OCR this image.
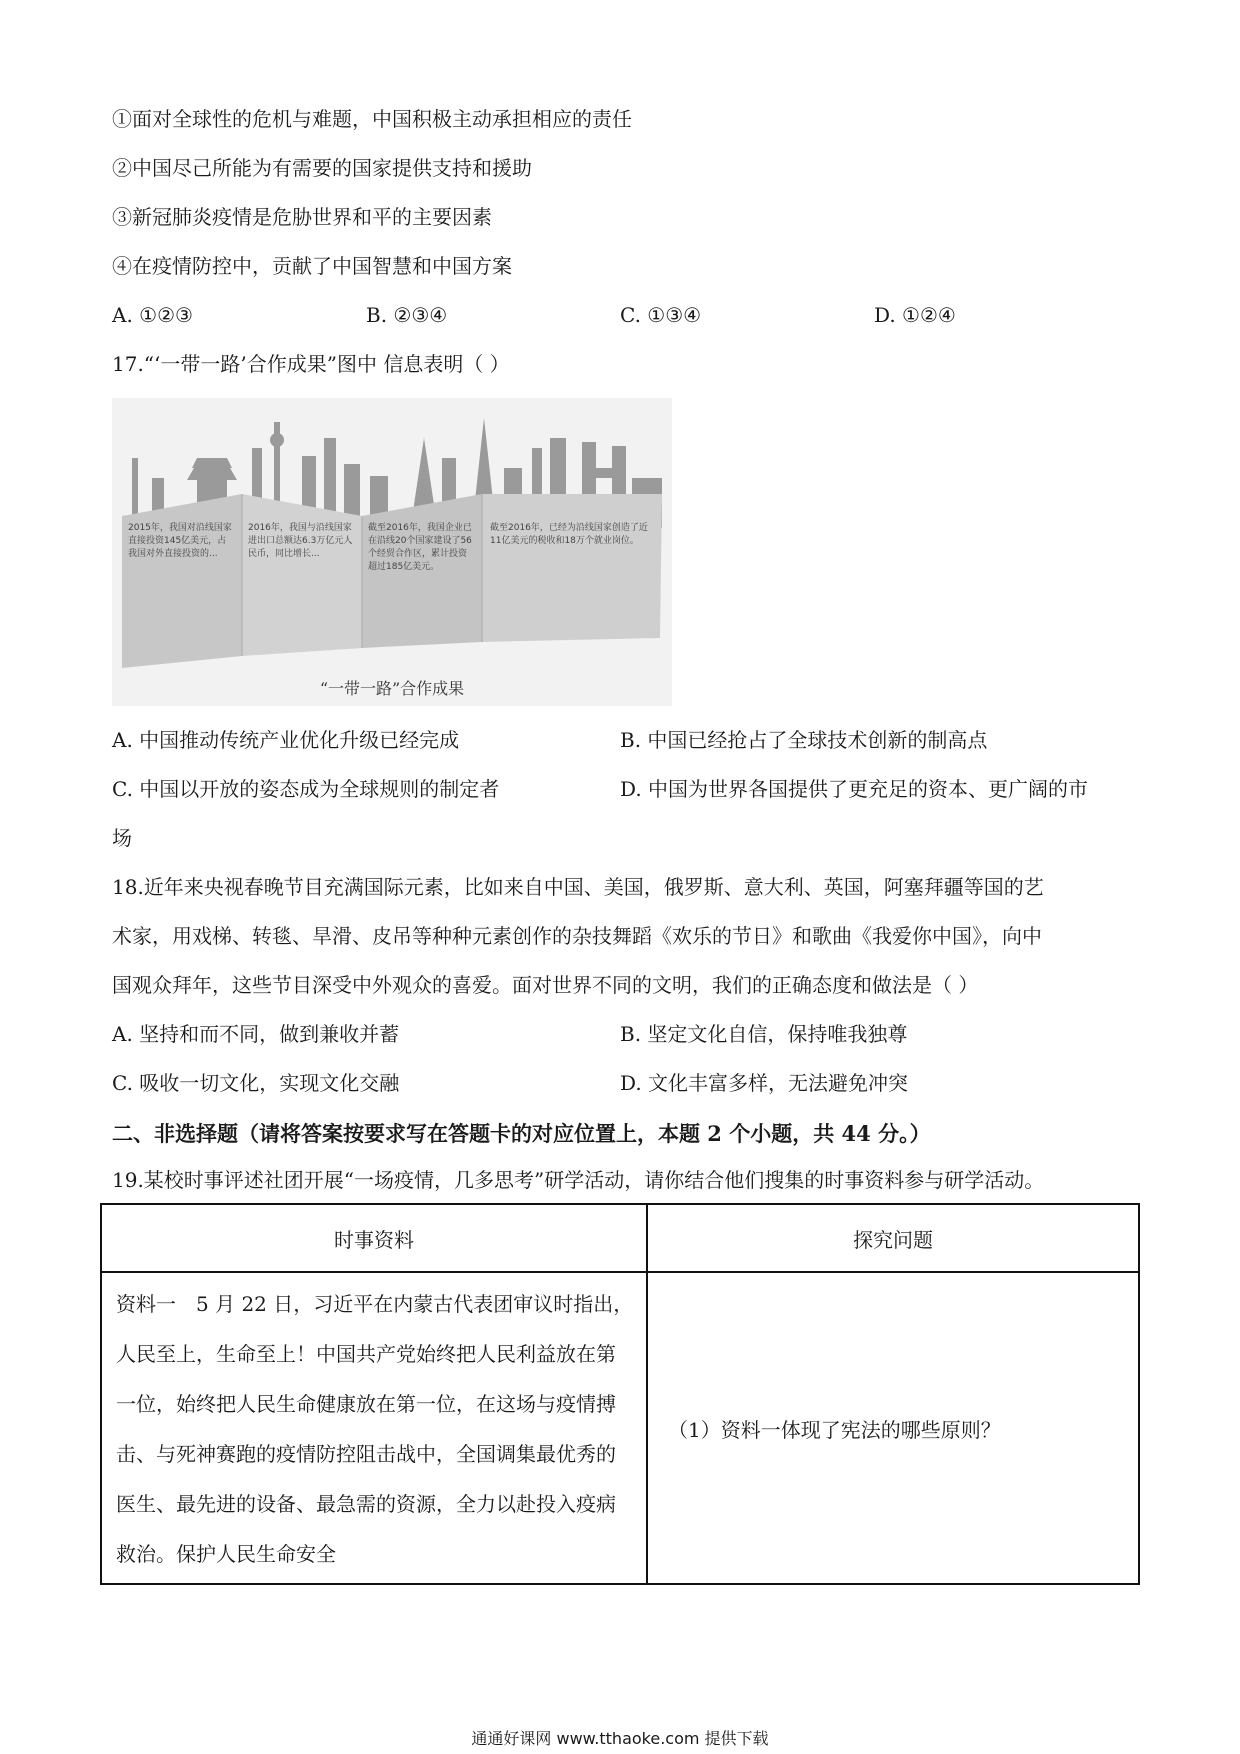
①面对全球性的危机与难题，中国积极主动承担相应的责任
②中国尽己所能为有需要的国家提供支持和援助
③新冠肺炎疫情是危胁世界和平的主要因素
④在疫情防控中，贡献了中国智慧和中国方案
A. ①②③	B. ②③④	C. ①③④	D. ①②④
17.“‘一带一路’合作成果”图中 信息表明（ ）
2015年，我国对沿线国家直接投资145亿美元，占我国对外直接投资的...
2016年，我国与沿线国家进出口总额达6.3万亿元人民币，同比增长...
截至2016年，我国企业已在沿线20个国家建设了56个经贸合作区，累计投资超过185亿美元。
截至2016年，已经为沿线国家创造了近11亿美元的税收和18万个就业岗位。
“一带一路”合作成果
A. 中国推动传统产业优化升级已经完成	B. 中国已经抢占了全球技术创新的制高点
C. 中国以开放的姿态成为全球规则的制定者	D. 中国为世界各国提供了更充足的资本、更广阔的市
场
18.近年来央视春晚节目充满国际元素，比如来自中国、美国，俄罗斯、意大利、英国，阿塞拜疆等国的艺
术家，用戏梯、转毯、旱滑、皮吊等种种元素创作的杂技舞蹈《欢乐的节日》和歌曲《我爱你中国》，向中
国观众拜年，这些节目深受中外观众的喜爱。面对世界不同的文明，我们的正确态度和做法是（ ）
A. 坚持和而不同，做到兼收并蓄	B. 坚定文化自信，保持唯我独尊
C. 吸收一切文化，实现文化交融	D. 文化丰富多样，无法避免冲突
二、非选择题（请将答案按要求写在答题卡的对应位置上，本题 2 个小题，共 44 分。）
19.某校时事评述社团开展“一场疫情，几多思考”研学活动，请你结合他们搜集的时事资料参与研学活动。
时事资料	探究问题
资料一　5 月 22 日，习近平在内蒙古代表团审议时指出，人民至上，生命至上！中国共产党始终把人民利益放在第一位，始终把人民生命健康放在第一位，在这场与疫情搏击、与死神赛跑的疫情防控阻击战中，全国调集最优秀的医生、最先进的设备、最急需的资源，全力以赴投入疫病救治。保护人民生命安全	（1）资料一体现了宪法的哪些原则？
通通好课网 www.tthaoke.com 提供下载
